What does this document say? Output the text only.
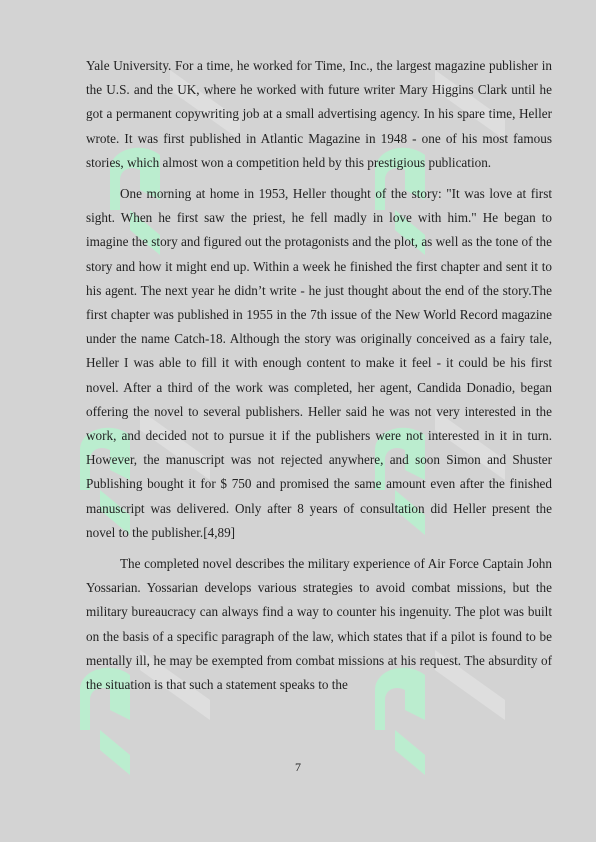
Yale University. For a time, he worked for Time, Inc., the largest magazine publisher in the U.S. and the UK, where he worked with future writer Mary Higgins Clark until he got a permanent copywriting job at a small advertising agency. In his spare time, Heller wrote. It was first published in Atlantic Magazine in 1948 - one of his most famous stories, which almost won a competition held by this prestigious publication.

One morning at home in 1953, Heller thought of the story: "It was love at first sight. When he first saw the priest, he fell madly in love with him." He began to imagine the story and figured out the protagonists and the plot, as well as the tone of the story and how it might end up. Within a week he finished the first chapter and sent it to his agent. The next year he didn’t write - he just thought about the end of the story.The first chapter was published in 1955 in the 7th issue of the New World Record magazine under the name Catch-18. Although the story was originally conceived as a fairy tale, Heller I was able to fill it with enough content to make it feel - it could be his first novel. After a third of the work was completed, her agent, Candida Donadio, began offering the novel to several publishers. Heller said he was not very interested in the work, and decided not to pursue it if the publishers were not interested in it in turn. However, the manuscript was not rejected anywhere, and soon Simon and Shuster Publishing bought it for $ 750 and promised the same amount even after the finished manuscript was delivered. Only after 8 years of consultation did Heller present the novel to the publisher.[4,89]

The completed novel describes the military experience of Air Force Captain John Yossarian. Yossarian develops various strategies to avoid combat missions, but the military bureaucracy can always find a way to counter his ingenuity. The plot was built on the basis of a specific paragraph of the law, which states that if a pilot is found to be mentally ill, he may be exempted from combat missions at his request. The absurdity of the situation is that such a statement speaks to the

7
